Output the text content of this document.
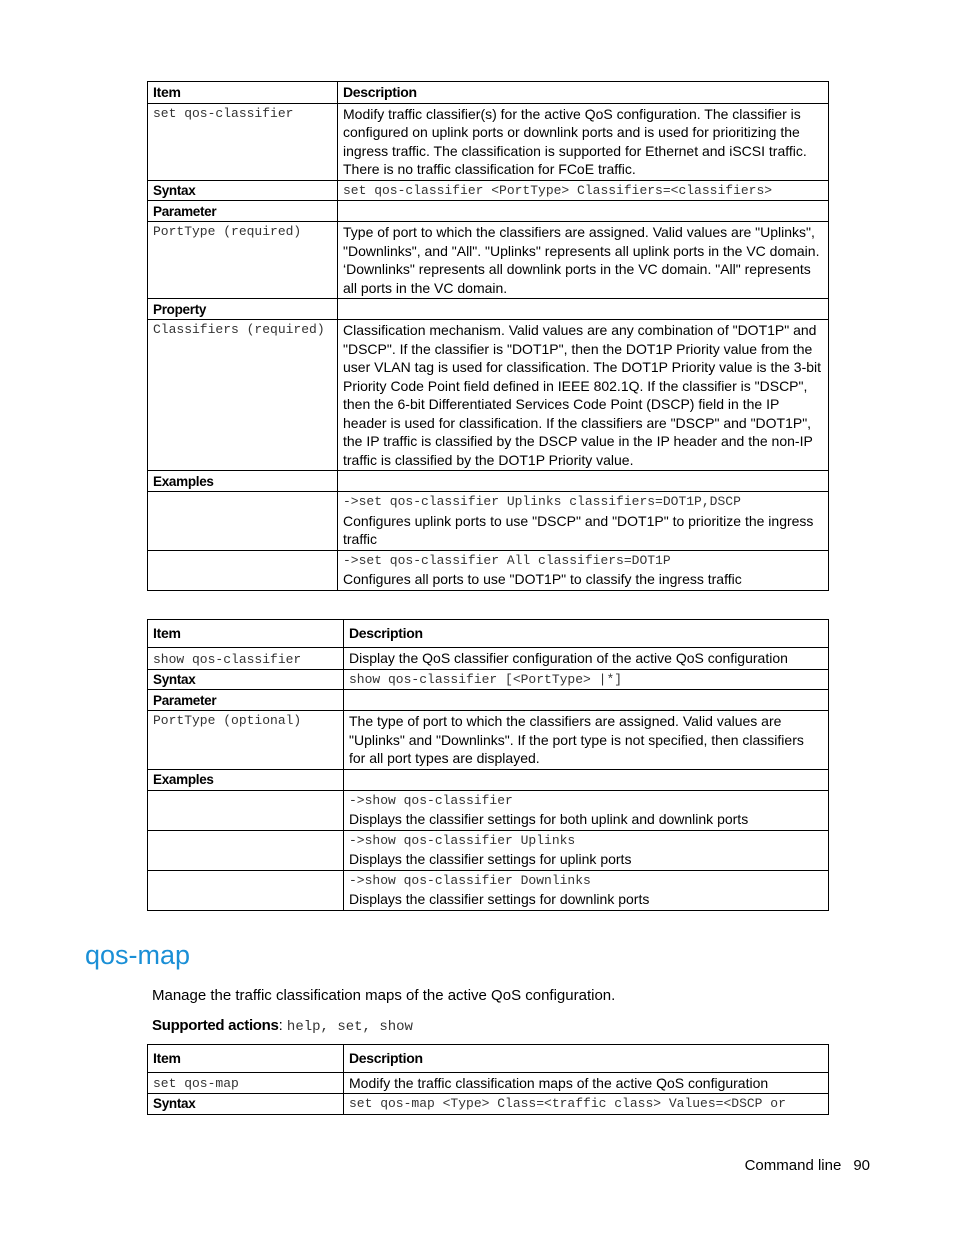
Item	Description
set qos-classifier	Modify traffic classifier(s) for the active QoS configuration. The classifier is configured on uplink ports or downlink ports and is used for prioritizing the ingress traffic. The classification is supported for Ethernet and iSCSI traffic. There is no traffic classification for FCoE traffic.
Syntax	set qos-classifier <PortType> Classifiers=<classifiers>
Parameter	
PortType (required)	Type of port to which the classifiers are assigned. Valid values are "Uplinks", "Downlinks", and "All". "Uplinks" represents all uplink ports in the VC domain. ‘Downlinks" represents all downlink ports in the VC domain. "All" represents all ports in the VC domain.
Property	
Classifiers (required)	Classification mechanism. Valid values are any combination of "DOT1P" and "DSCP". If the classifier is "DOT1P", then the DOT1P Priority value from the user VLAN tag is used for classification. The DOT1P Priority value is the 3-bit Priority Code Point field defined in IEEE 802.1Q. If the classifier is "DSCP", then the 6-bit Differentiated Services Code Point (DSCP) field in the IP header is used for classification. If the classifiers are "DSCP" and "DOT1P", the IP traffic is classified by the DSCP value in the IP header and the non-IP traffic is classified by the DOT1P Priority value.
Examples	

	->set qos-classifier Uplinks classifiers=DOT1P,DSCP
Configures uplink ports to use "DSCP" and "DOT1P" to prioritize the ingress traffic

	->set qos-classifier All classifiers=DOT1P
Configures all ports to use "DOT1P" to classify the ingress traffic
Item	Description
show qos-classifier	Display the QoS classifier configuration of the active QoS configuration
Syntax	show qos-classifier [<PortType> |*]
Parameter	
PortType (optional)	The type of port to which the classifiers are assigned. Valid values are "Uplinks" and "Downlinks". If the port type is not specified, then classifiers for all port types are displayed.
Examples	

	->show qos-classifier
Displays the classifier settings for both uplink and downlink ports

	->show qos-classifier Uplinks
Displays the classifier settings for uplink ports

	->show qos-classifier Downlinks
Displays the classifier settings for downlink ports
qos-map

Manage the traffic classification maps of the active QoS configuration.

Supported actions: help, set, show

Item	Description
set qos-map	Modify the traffic classification maps of the active QoS configuration
Syntax	set qos-map <Type> Class=<traffic class> Values=<DSCP or
Command line 90
